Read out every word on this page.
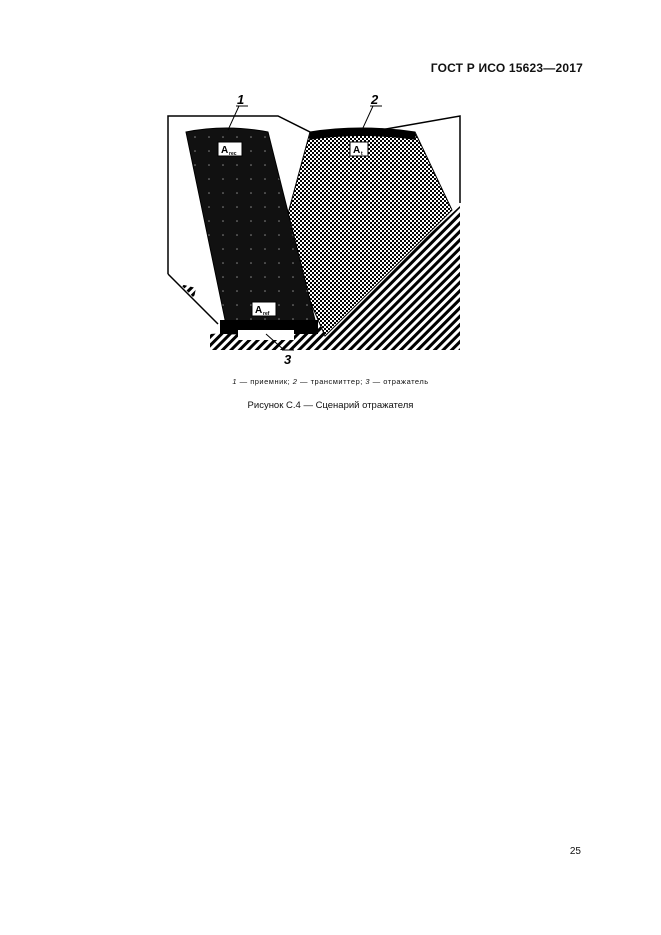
ГОСТ Р ИСО 15623—2017
A rec	A t
A ref
1	2
3
1 — приемник; 2 — трансмиттер; 3 — отражатель
Рисунок С.4 — Сценарий отражателя
25
